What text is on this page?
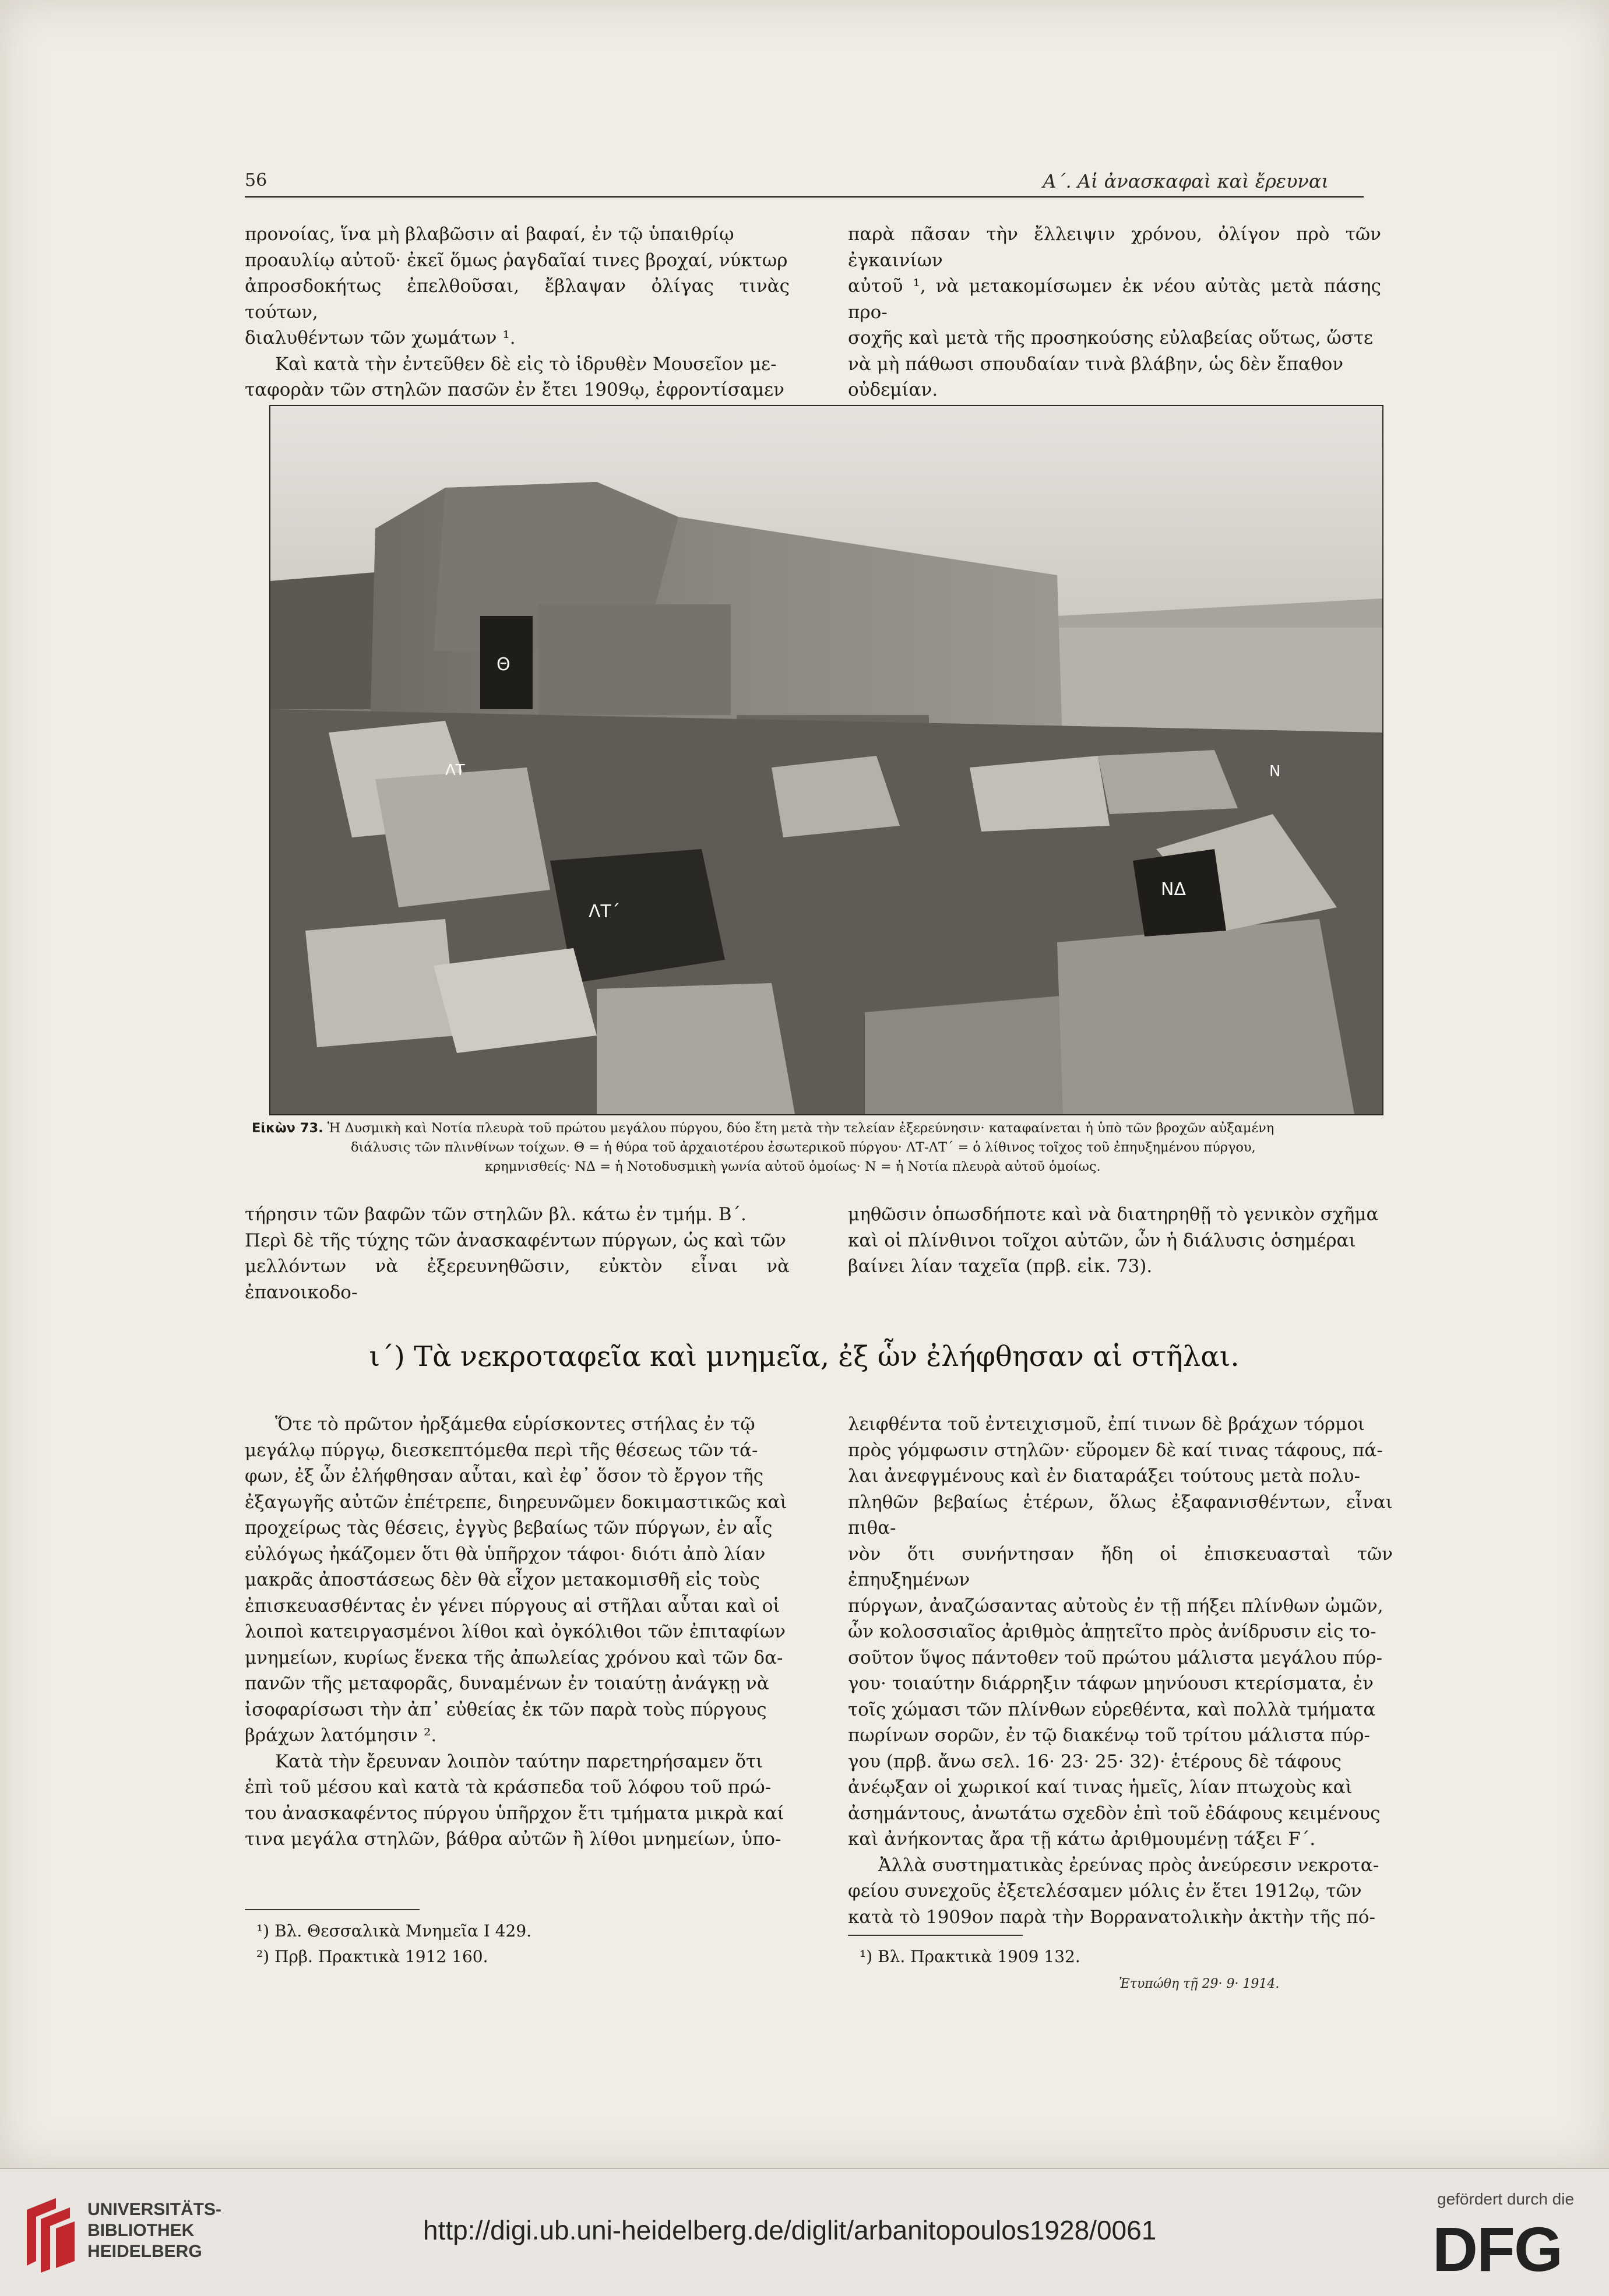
56	Α΄. Αἱ ἀνασκαφαὶ καὶ ἔρευναι

προνοίας, ἵνα μὴ βλαβῶσιν αἱ βαφαί, ἐν τῷ ὑπαιθρίῳ

προαυλίῳ αὐτοῦ· ἐκεῖ ὅμως ῥαγδαῖαί τινες βροχαί, νύκτωρ

ἀπροσδοκήτως ἐπελθοῦσαι, ἔβλαψαν ὀλίγας τινὰς τούτων,

διαλυθέντων τῶν χωμάτων ¹.

Καὶ κατὰ τὴν ἐντεῦθεν δὲ εἰς τὸ ἱδρυθὲν Μουσεῖον με-

ταφορὰν τῶν στηλῶν πασῶν ἐν ἔτει 1909ῳ, ἐφροντίσαμεν

παρὰ πᾶσαν τὴν ἔλλειψιν χρόνου, ὀλίγον πρὸ τῶν ἐγκαινίων

αὐτοῦ ¹, νὰ μετακομίσωμεν ἐκ νέου αὐτὰς μετὰ πάσης προ-

σοχῆς καὶ μετὰ τῆς προσηκούσης εὐλαβείας οὕτως, ὥστε

νὰ μὴ πάθωσι σπουδαίαν τινὰ βλάβην, ὡς δὲν ἔπαθον

οὐδεμίαν.

Θ
ΛΤ
ΛΤ´
ΝΔ
Ν
Εἰκὼν 73. Ἡ Δυσμικὴ καὶ Νοτία πλευρὰ τοῦ πρώτου μεγάλου πύργου, δύο ἔτη μετὰ τὴν τελείαν ἐξερεύνησιν· καταφαίνεται ἡ ὑπὸ τῶν βροχῶν αὐξαμένη
διάλυσις τῶν πλινθίνων τοίχων. Θ = ἡ θύρα τοῦ ἀρχαιοτέρου ἐσωτερικοῦ πύργου· ΛΤ-ΛΤ´ = ὁ λίθινος τοῖχος τοῦ ἐπηυξημένου πύργου,
κρημνισθείς· ΝΔ = ἡ Νοτοδυσμικὴ γωνία αὐτοῦ ὁμοίως· Ν = ἡ Νοτία πλευρὰ αὐτοῦ ὁμοίως.

τήρησιν τῶν βαφῶν τῶν στηλῶν βλ. κάτω ἐν τμήμ. Β΄.

Περὶ δὲ τῆς τύχης τῶν ἀνασκαφέντων πύργων, ὡς καὶ τῶν

μελλόντων νὰ ἐξερευνηθῶσιν, εὐκτὸν εἶναι νὰ ἐπανοικοδο-

μηθῶσιν ὁπωσδήποτε καὶ νὰ διατηρηθῇ τὸ γενικὸν σχῆμα

καὶ οἱ πλίνθινοι τοῖχοι αὐτῶν, ὧν ἡ διάλυσις ὁσημέραι

βαίνει λίαν ταχεῖα (πρβ. εἰκ. 73).

ι΄) Τὰ νεκροταφεῖα καὶ μνημεῖα, ἐξ ὧν ἐλήφθησαν αἱ στῆλαι.

Ὅτε τὸ πρῶτον ἠρξάμεθα εὑρίσκοντες στήλας ἐν τῷ

μεγάλῳ πύργῳ, διεσκεπτόμεθα περὶ τῆς θέσεως τῶν τά-

φων, ἐξ ὧν ἐλήφθησαν αὗται, καὶ ἐφ᾽ ὅσον τὸ ἔργον τῆς

ἐξαγωγῆς αὐτῶν ἐπέτρεπε, διηρευνῶμεν δοκιμαστικῶς καὶ

προχείρως τὰς θέσεις, ἐγγὺς βεβαίως τῶν πύργων, ἐν αἷς

εὐλόγως ἠκάζομεν ὅτι θὰ ὑπῆρχον τάφοι· διότι ἀπὸ λίαν

μακρᾶς ἀποστάσεως δὲν θὰ εἶχον μετακομισθῆ εἰς τοὺς

ἐπισκευασθέντας ἐν γένει πύργους αἱ στῆλαι αὗται καὶ οἱ

λοιποὶ κατειργασμένοι λίθοι καὶ ὀγκόλιθοι τῶν ἐπιταφίων

μνημείων, κυρίως ἕνεκα τῆς ἀπωλείας χρόνου καὶ τῶν δα-

πανῶν τῆς μεταφορᾶς, δυναμένων ἐν τοιαύτῃ ἀνάγκῃ νὰ

ἰσοφαρίσωσι τὴν ἀπ᾽ εὐθείας ἐκ τῶν παρὰ τοὺς πύργους

βράχων λατόμησιν ².

Κατὰ τὴν ἔρευναν λοιπὸν ταύτην παρετηρήσαμεν ὅτι

ἐπὶ τοῦ μέσου καὶ κατὰ τὰ κράσπεδα τοῦ λόφου τοῦ πρώ-

του ἀνασκαφέντος πύργου ὑπῆρχον ἔτι τμήματα μικρὰ καί

τινα μεγάλα στηλῶν, βάθρα αὐτῶν ἢ λίθοι μνημείων, ὑπο-

λειφθέντα τοῦ ἐντειχισμοῦ, ἐπί τινων δὲ βράχων τόρμοι

πρὸς γόμφωσιν στηλῶν· εὕρομεν δὲ καί τινας τάφους, πά-

λαι ἀνεφγμένους καὶ ἐν διαταράξει τούτους μετὰ πολυ-

πληθῶν βεβαίως ἑτέρων, ὅλως ἐξαφανισθέντων, εἶναι πιθα-

νὸν ὅτι συνήντησαν ἤδη οἱ ἐπισκευασταὶ τῶν ἐπηυξημένων

πύργων, ἀναζώσαντας αὐτοὺς ἐν τῇ πήξει πλίνθων ὠμῶν,

ὧν κολοσσιαῖος ἀριθμὸς ἀπῃτεῖτο πρὸς ἀνίδρυσιν εἰς το-

σοῦτον ὕψος πάντοθεν τοῦ πρώτου μάλιστα μεγάλου πύρ-

γου· τοιαύτην διάρρηξιν τάφων μηνύουσι κτερίσματα, ἐν

τοῖς χώμασι τῶν πλίνθων εὑρεθέντα, καὶ πολλὰ τμήματα

πωρίνων σορῶν, ἐν τῷ διακένῳ τοῦ τρίτου μάλιστα πύρ-

γου (πρβ. ἄνω σελ. 16· 23· 25· 32)· ἑτέρους δὲ τάφους

ἀνέῳξαν οἱ χωρικοί καί τινας ἡμεῖς, λίαν πτωχοὺς καὶ

ἀσημάντους, ἀνωτάτω σχεδὸν ἐπὶ τοῦ ἐδάφους κειμένους

καὶ ἀνήκοντας ἄρα τῇ κάτω ἀριθμουμένῃ τάξει F´.

Ἀλλὰ συστηματικὰς ἐρεύνας πρὸς ἀνεύρεσιν νεκροτα-

φείου συνεχοῦς ἐξετελέσαμεν μόλις ἐν ἔτει 1912ῳ, τῶν

κατὰ τὸ 1909ον παρὰ τὴν Βορρανατολικὴν ἀκτὴν τῆς πό-

¹) Βλ. Θεσσαλικὰ Μνημεῖα Ι 429.

²) Πρβ. Πρακτικὰ 1912 160.	¹) Βλ. Πρακτικὰ 1909 132.

Ἐτυπώθη τῇ 29· 9· 1914.
UNIVERSITÄTS-
BIBLIOTHEK
HEIDELBERG
http://digi.ub.uni-heidelberg.de/diglit/arbanitopoulos1928/0061
gefördert durch die
DFG
